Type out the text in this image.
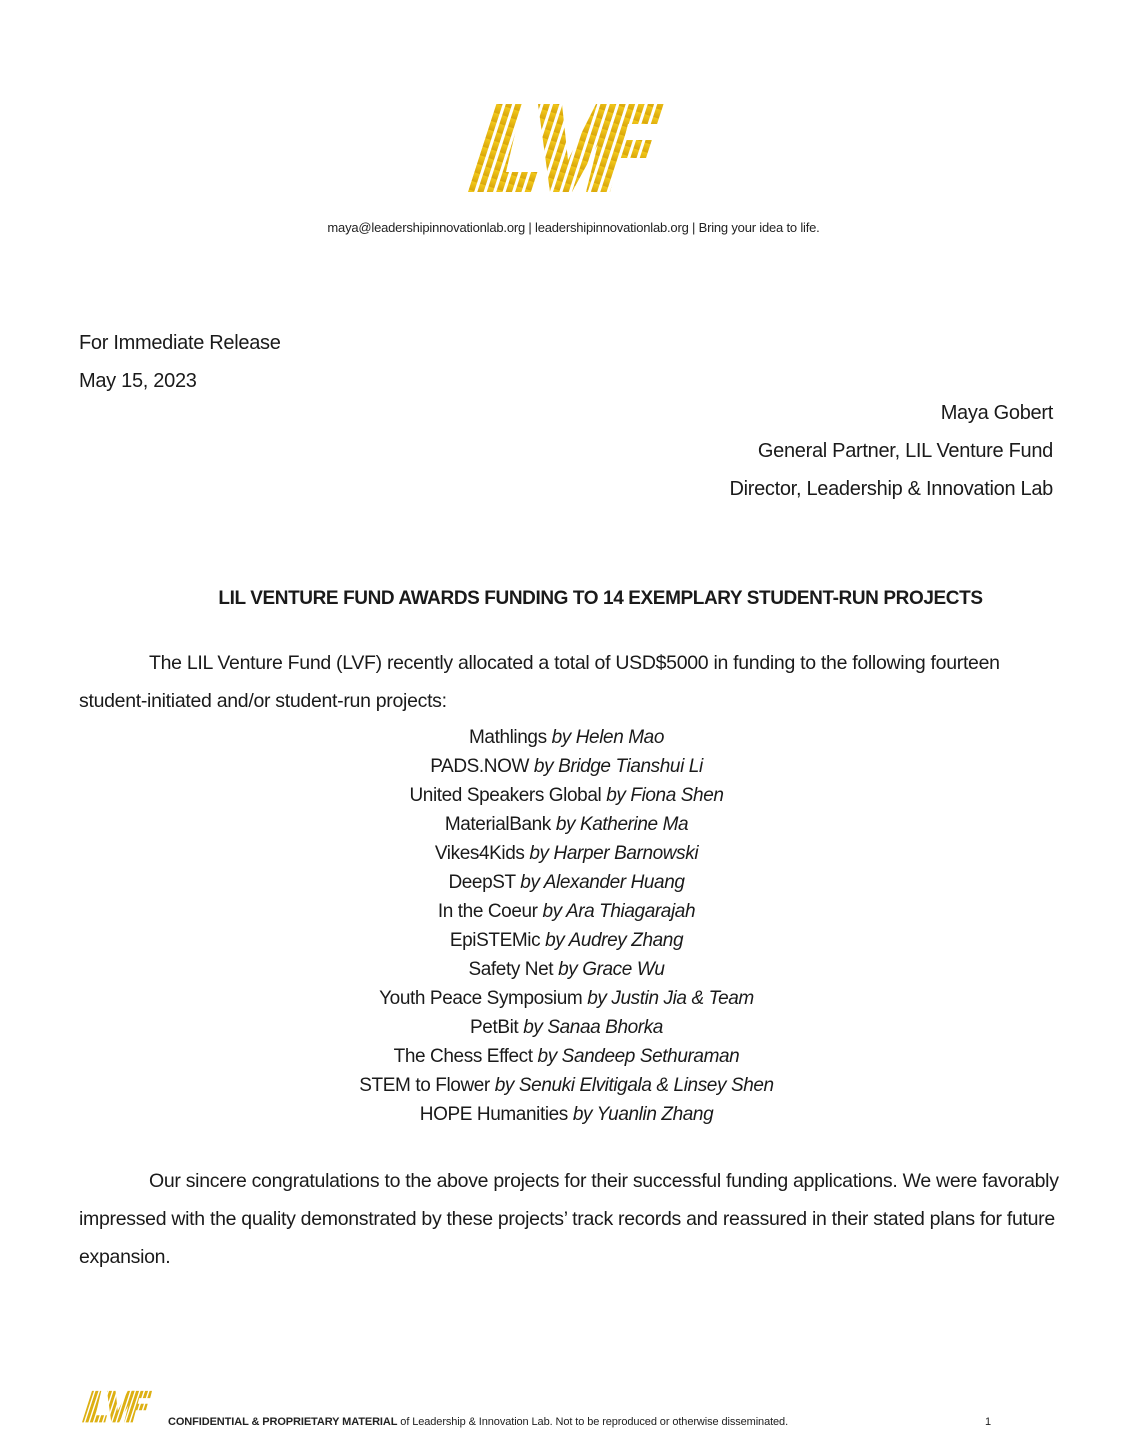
maya@leadershipinnovationlab.org | leadershipinnovationlab.org | Bring your idea to life.
For Immediate Release
May 15, 2023
Maya Gobert
General Partner, LIL Venture Fund
Director, Leadership & Innovation Lab
LIL VENTURE FUND AWARDS FUNDING TO 14 EXEMPLARY STUDENT-RUN PROJECTS
The LIL Venture Fund (LVF) recently allocated a total of USD$5000 in funding to the following fourteen student-initiated and/or student-run projects:
Mathlings by Helen Mao
PADS.NOW by Bridge Tianshui Li
United Speakers Global by Fiona Shen
MaterialBank by Katherine Ma
Vikes4Kids by Harper Barnowski
DeepST by Alexander Huang
In the Coeur by Ara Thiagarajah
EpiSTEMic by Audrey Zhang
Safety Net by Grace Wu
Youth Peace Symposium by Justin Jia & Team
PetBit by Sanaa Bhorka
The Chess Effect by Sandeep Sethuraman
STEM to Flower by Senuki Elvitigala & Linsey Shen
HOPE Humanities by Yuanlin Zhang
Our sincere congratulations to the above projects for their successful funding applications. We were favorably impressed with the quality demonstrated by these projects’ track records and reassured in their stated plans for future expansion.
CONFIDENTIAL & PROPRIETARY MATERIAL of Leadership & Innovation Lab. Not to be reproduced or otherwise disseminated.	1
